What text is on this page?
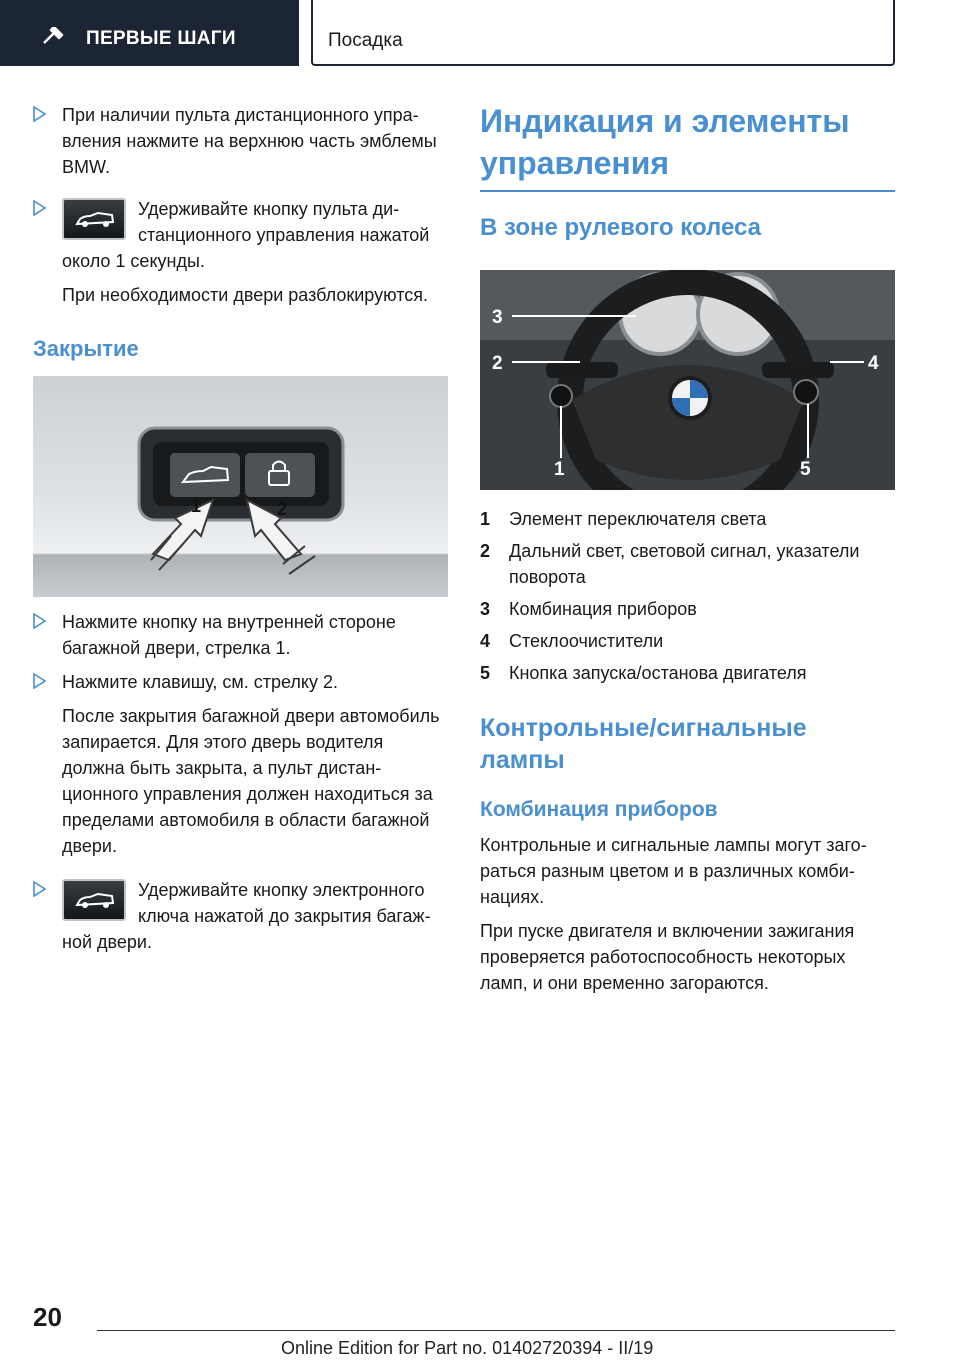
ПЕРВЫЕ ШАГИ	Посадка

При наличии пульта дистанционного управления нажмите на верхнюю часть эмблемы BMW.

Удерживайте кнопку пульта дистанционного управления нажатой около 1 секунды.

При необходимости двери разблокируются.

Закрытие
1	2

Нажмите кнопку на внутренней стороне багажной двери, стрелка 1.

Нажмите клавишу, см. стрелку 2.

После закрытия багажной двери автомобиль запирается. Для этого дверь водителя должна быть закрыта, а пульт дистанционного управления должен находиться за пределами автомобиля в области багажной двери.

Удерживайте кнопку электронного ключа нажатой до закрытия багажной двери.

Индикация и элементы управления
В зоне рулевого колеса
3
2	4
1	5
1	Элемент переключателя света
2	Дальний свет, световой сигнал, указатели поворота
3	Комбинация приборов
4	Стеклоочистители
5	Кнопка запуска/останова двигателя
Контрольные/сигнальные лампы
Комбинация приборов

Контрольные и сигнальные лампы могут загораться разным цветом и в различных комбинациях.

При пуске двигателя и включении зажигания проверяется работоспособность некоторых ламп, и они временно загораются.

20
Online Edition for Part no. 01402720394 - II/19
